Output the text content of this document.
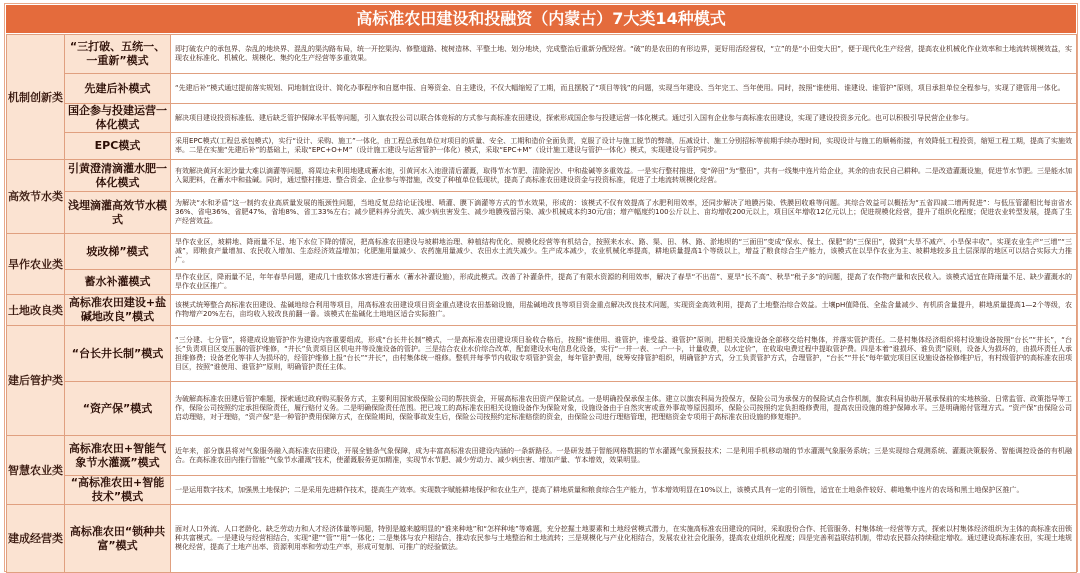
高标准农田建设和投融资（内蒙古）7大类14种模式
机制创新类	“三打破、五统一、一重新”模式	即打破农户的承包界、杂乱的地块界、混乱的渠沟路布局，统一开挖渠沟、修整道路、梳树造林、平整土地、划分地块，完成整治后重新分配经营。“破”的是农田的有形边界，更好用活经营权，“立”的是“小田变大田”，便于现代化生产经营，提高农业机械化作业效率和土地流转规模效益，实现农业标准化、机械化、规模化、集约化生产经营等多重效果。

	先建后补模式	“先建后补”模式通过提前落实规划、同地制宜设计、简化办事程序和自愿申报、自筹资金、自主建设，不仅大幅缩短了工期，而且摆脱了“项目等钱”的问题，实现当年建设、当年完工、当年使用。同时，按照“谁使用、谁建设、谁管护”原则，项目承担单位全程参与，实现了建管用一体化。

	国企参与投建运营一体化模式	解决项目建设投资标准低、建后缺乏管护保障水平低等问题，引入旗农投公司以联合体竞标的方式参与高标准农田建设，探索形成国企参与投建运营一体化模式。通过引入国有企业参与高标准农田建设，实现了建设投资多元化。也可以积极引导民营企业参与。

	EPC模式	采用EPC模式(工程总承包模式)，实行“设计、采购、施工”一体化，由工程总承包单位对项目的质量、安全、工期和造价全面负责，克服了设计与施工脱节的弊端，压减设计、施工分别招标等前期手续办理时间，实现设计与施工的顺畅衔接，有效降低工程投资，缩短工程工期，提高了实施效率。二是在实施“先建后补”的基础上，采取“EPC+O+M”（设计施工建设与运营管护一体化）模式，采取“EPC+M”（设计施工建设与管护一体化）模式，实现建设与管护同步。

高效节水类	引黄澄清滴灌水肥一体化模式	有效解决黄河水泥沙量大难以滴灌等问题，将周边未利用地建成蓄水池，引黄河水入池澄清后灌溉，取得节水节肥、清除泥沙、中和盐碱等多重效益。一是实行整村推进，变“碎田”为“整田”，共有一线集中连片给企业，其余的由农民自己耕种。二是改造灌溉设施，促进节水节肥。三是能水加入氮肥料，在蓄水中和盐碱。同时，通过整村推进、整合资金、企业参与等措施，改变了种植单位低现状，提高了高标准农田建设资金与投资标准，促进了土地流转规模化经营。

	浅埋滴灌高效节水模式	为解决“水和矛盾”这一制约农业高质量发展的瓶颈性问题，当地反复总结论证浅埋、喷灌、膜下滴灌等方式的节水效果，形成的：该模式不仅有效提高了水肥利用效率，还同步解决了地膜污染、铁膜回收难等问题。其综合效益可以概括为“五省四减二增两促进”：与低压管灌相比每亩省水36%、省电36%、省肥47%、省地8%、省工33%左右；减少肥料养分流失、减少病虫害发生、减少地膜残留污染、减少机械成本约30元/亩；增产幅度约100公斤以上、亩均增收200元以上，项目区年增收12亿元以上；促进规模化经营，提升了组织化程度；促进农业转型发展，提高了生产经营效益。

旱作农业类	坡改梯”模式	旱作农业区，坡耕地、降雨量不足、地下水位下降的情况，把高标准农田建设与坡耕地治理、种植结构优化、规模化经营等有机结合，按照来水水、路、渠、田、林、路、淤地坝的“三面田”变成“保水、保土、保肥”的“三保田”，做到“大旱不减产、小旱保丰收”。实现农业生产“三增”“三减”，即粮食产量增加、农民收入增加、生态经济效益增加；化肥施用量减少、农药施用量减少、农田水土流失减少。生产成本减少，农业机械化率提高，耕地质量提高1个等级以上，增益了粮食综合生产能力，该模式在以旱作农业为主、坡耕地较多且土层深厚的地区可以结合实际大力推广。

	蓄水补灌模式	旱作农业区，降雨量不足，年年春旱问题，建成几十座软体水窖进行蓄水（蓄水补灌设施），形成此模式。改善了补灌条件，提高了有限水资源的利用效率，解决了春旱“不出苗”、夏旱“长不高”、秋旱“秕子多”的问题，提高了农作物产量和农民收入。该模式适宜在降雨量不足、缺少灌溉水的旱作农业区推广。

土地改良类	高标准农田建设+盐碱地改良”模式	该模式统筹整合高标准农田建设、盐碱地综合利用等项目，用高标准农田建设项目资金重点建设农田基础设施，用盐碱地改良等项目资金重点解决改良技术问题，实现资金高效利用，提高了土地整治综合效益。土壤pH值降低、全盐含量减少、有机质含量提升，耕地质量提高1—2个等级，农作物增产20%左右，亩均收入较改良前翻一番。该模式在盐碱化土地地区适合实际推广。

建后管护类	“台长井长制”模式	“三分建、七分管”，将建成设施管护作为建设内容重要组成，形成“台长井长制”模式，一是高标准农田建设项目验收合格后，按照“谁使用、谁管护，谁受益、谁管护”原则，把相关设施设备全部移交给村集体，并落实管护责任。二是村集体经济组织将村设施设备按照“台长”“井长”，“台长”负责项目区变压器的管护维修，“井长”负责项目区机电井等设施设备的管护。三是结合农业水价综合改革，配套建设水电信息化设备，实行“一井一表、一户一卡，计量收费，以水定价”，在收取电费过程中提取管护费。四是本着“谁损坏、谁负责”原则，设备人为损坏的，由损坏责任人承担维修费；设备老化等非人为损坏的，经管护维修上报“台长”“井长”，由村集体统一维修。整机井每季节内收取专项管护资金，每年管护费用，统筹安排管护组织，明确管护方式，分工负责管护方式，合理管护，“台长”“井长”每年做完项目区设施设备检修维护后，有村级管护的高标准农田项目区，按照“谁使用、谁管护”原则，明确管护责任主体。

	“资产保”模式	为破解高标准农田建后管护难题，探索通过政府购买服务方式，主要利用国家级保险公司的帮扶资金，开展高标准农田资产保险试点。一是明确投保承保主体。建立以旗农科局为投保方，保险公司为承保方的保险试点合作机制，旗农科局协助开展承保前的实地核验、日常监管、政策指导等工作，保险公司按照约定承担保险责任，履行赔付义务。二是明确保险责任范围。把已竣工的高标准农田相关设施设备作为保险对象，设施设备由于自然灾害或意外事故等原因损坏，保险公司按照约定负担维修费用，提高农田设施的维护保障水平。三是明确赔付管理方式。“资产保”由保险公司启动理赔，对于理赔，“资产保”是一种管护费用保障方式，在保险期间，保险事故发生后，保险公司按照约定标准赔偿的资金，由保险公司进行理赔管理，把理赔资金专项用于高标准农田设施的修复维护。

智慧农业类	高标准农田+智能气象节水灌溉”模式	近年来，部分旗县将对气象服务融入高标准农田建设，开展全链条气象保障，成为丰富高标准农田建设内涵的一条新路径。一是研发基于智能网格数据的节水灌溉气象预报技术；二是利用手机移动端的节水灌溉气象服务系统；三是实现综合观测系统、灌溉决策服务、智能调控设备的有机融合。在高标准农田内推行智能“气象节水灌溉”技术，使灌溉服务更加精准，实现节水节肥、减少劳动力、减少病虫害、增加产量、节本增效，效果明显。

	“高标准农田+智能技术”模式	一是运用数字技术，加强黑土地保护；二是采用先进耕作技术，提高生产效率。实现数字赋能耕地保护和农业生产，提高了耕地质量和粮食综合生产能力，节本增效明显在10%以上，该模式具有一定的引领性，适宜在土地条件较好、耕地集中连片的农场和黑土地保护区推广。

建成经营类	高标准农田“锁种共富”模式	面对人口外流、人口老龄化、缺乏劳动力和人才经济体量等问题，特别是越来越明显的“谁来种地”和“怎样种地”等难题，充分挖掘土地要素和土地经营模式潜力，在实施高标准农田建设的同时，采取股份合作、托管服务、村集体统一经营等方式，探索以村集体经济组织为主体的高标准农田锁种共富模式。一是建设与经营相结合，实现“建”“管”“用”一体化；二是集体与农户相结合，推动农民参与土地整治和土地流转；三是规模化与产业化相结合，发展农业社会化服务，提高农业组织化程度；四是完善利益联结机制，带动农民群众持续稳定增收。通过建设高标准农田，实现土地规模化经营，提高了土地产出率、资源利用率和劳动生产率，形成可复制、可推广的经验做法。
